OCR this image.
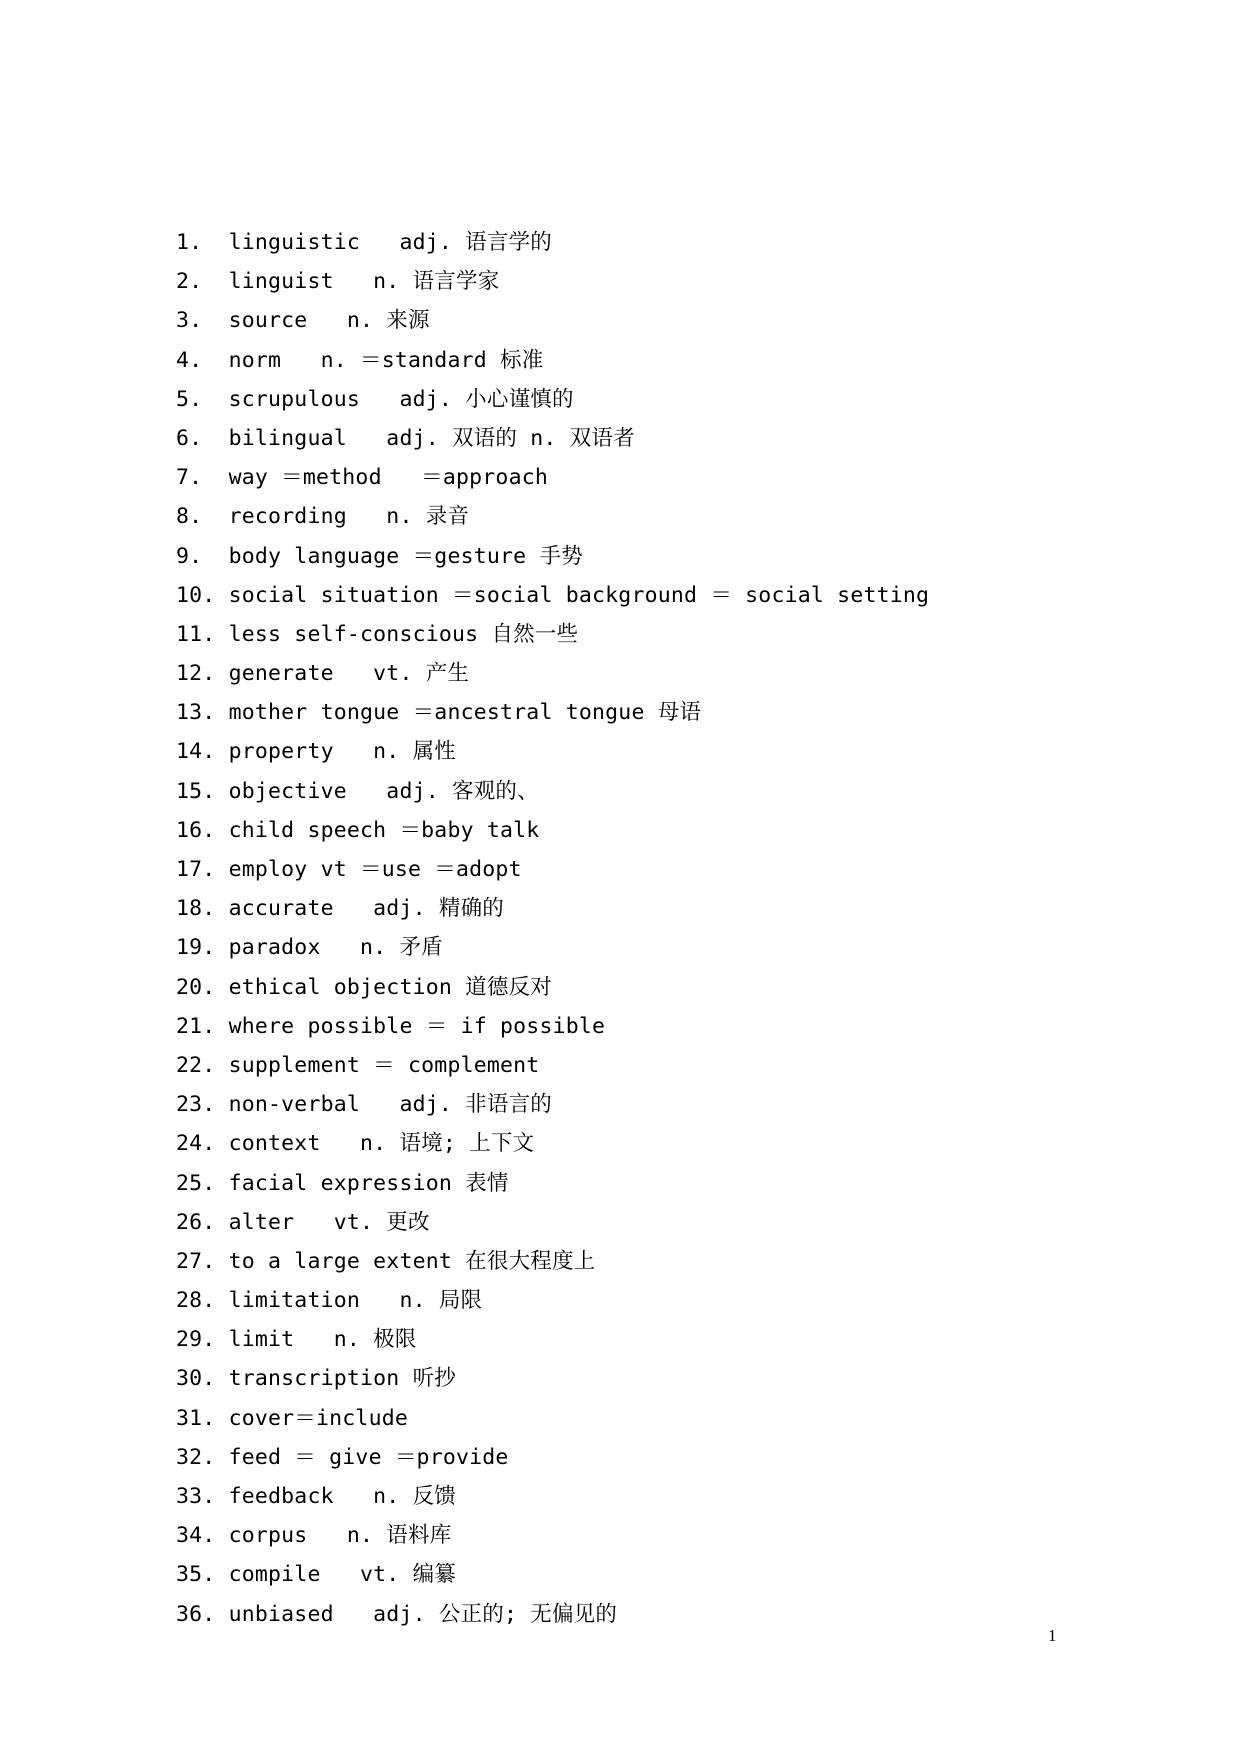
1.  linguistic   adj. 语言学的
2.  linguist   n. 语言学家
3.  source   n. 来源
4.  norm   n. ＝standard 标准
5.  scrupulous   adj. 小心谨慎的
6.  bilingual   adj. 双语的 n. 双语者
7.  way ＝method   ＝approach
8.  recording   n. 录音
9.  body language ＝gesture 手势
10. social situation ＝social background ＝ social setting
11. less self-conscious 自然一些
12. generate   vt. 产生
13. mother tongue ＝ancestral tongue 母语
14. property   n. 属性
15. objective   adj. 客观的、
16. child speech ＝baby talk
17. employ vt ＝use ＝adopt
18. accurate   adj. 精确的
19. paradox   n. 矛盾
20. ethical objection 道德反对
21. where possible ＝ if possible
22. supplement ＝ complement
23. non-verbal   adj. 非语言的
24. context   n. 语境; 上下文
25. facial expression 表情
26. alter   vt. 更改
27. to a large extent 在很大程度上
28. limitation   n. 局限
29. limit   n. 极限
30. transcription 听抄
31. cover＝include
32. feed ＝ give ＝provide
33. feedback   n. 反馈
34. corpus   n. 语料库
35. compile   vt. 编纂
36. unbiased   adj. 公正的; 无偏见的
1
